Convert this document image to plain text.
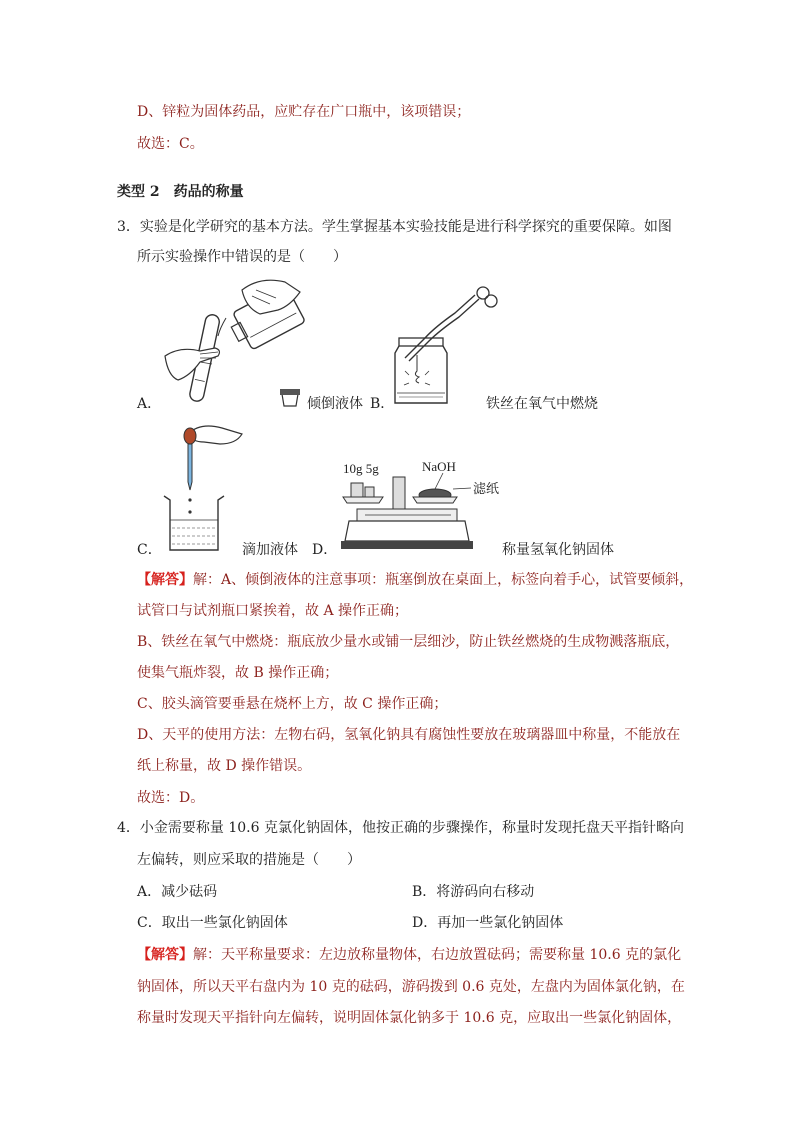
D、锌粒为固体药品，应贮存在广口瓶中，该项错误；
故选：C。
类型 2　药品的称量
3．实验是化学研究的基本方法。学生掌握基本实验技能是进行科学探究的重要保障。如图
所示实验操作中错误的是（　　）
A．	倾倒液体 B．	铁丝在氧气中燃烧
10g 5g	NaOH
滤纸
C．	滴加液体 D．	称量氢氧化钠固体
【解答】解：A、倾倒液体的注意事项：瓶塞倒放在桌面上，标签向着手心，试管要倾斜，
试管口与试剂瓶口紧挨着，故 A 操作正确；
B、铁丝在氧气中燃烧：瓶底放少量水或铺一层细沙，防止铁丝燃烧的生成物溅落瓶底，
使集气瓶炸裂，故 B 操作正确；
C、胶头滴管要垂悬在烧杯上方，故 C 操作正确；
D、天平的使用方法：左物右码，氢氧化钠具有腐蚀性要放在玻璃器皿中称量，不能放在
纸上称量，故 D 操作错误。
故选：D。
4．小金需要称量 10.6 克氯化钠固体，他按正确的步骤操作，称量时发现托盘天平指针略向
左偏转，则应采取的措施是（　　）
A．减少砝码	B．将游码向右移动
C．取出一些氯化钠固体	D．再加一些氯化钠固体
【解答】解：天平称量要求：左边放称量物体，右边放置砝码；需要称量 10.6 克的氯化
钠固体，所以天平右盘内为 10 克的砝码，游码拨到 0.6 克处，左盘内为固体氯化钠，在
称量时发现天平指针向左偏转，说明固体氯化钠多于 10.6 克，应取出一些氯化钠固体，
